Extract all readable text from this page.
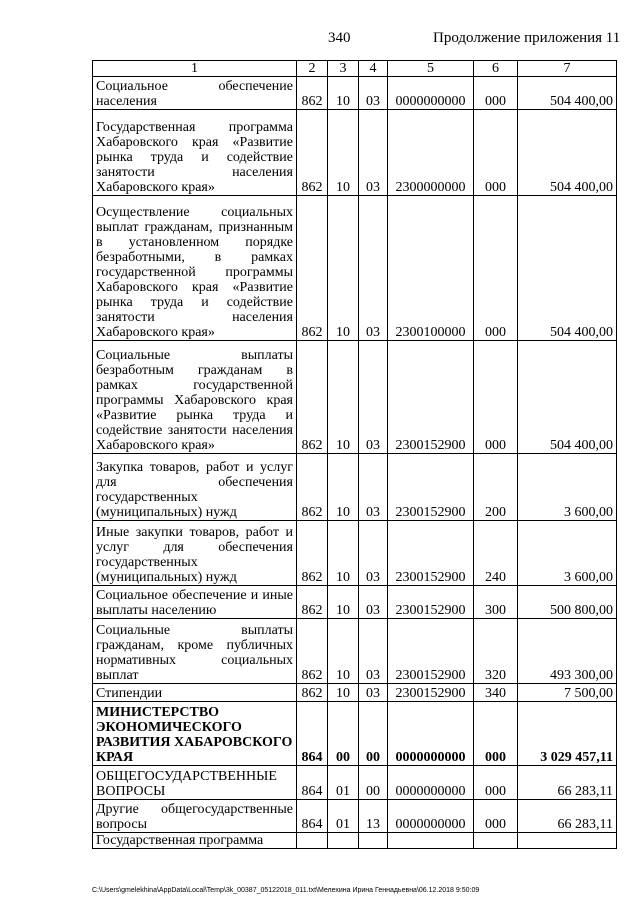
340	Продолжение приложения 11
1	2	3	4	5	6	7
Социальное обеспечение населения	862	10	03	0000000000	000	504 400,00
Государственная программа Хабаровского края «Развитие рынка труда и содействие занятости населения Хабаровского края»	862	10	03	2300000000	000	504 400,00
Осуществление социальных выплат гражданам, признанным в установленном порядке безработными, в рамках государственной программы Хабаровского края «Развитие рынка труда и содействие занятости населения Хабаровского края»	862	10	03	2300100000	000	504 400,00
Социальные выплаты безработным гражданам в рамках государственной программы Хабаровского края «Развитие рынка труда и содействие занятости населения Хабаровского края»	862	10	03	2300152900	000	504 400,00
Закупка товаров, работ и услуг для обеспечения государственных (муниципальных) нужд	862	10	03	2300152900	200	3 600,00
Иные закупки товаров, работ и услуг для обеспечения государственных (муниципальных) нужд	862	10	03	2300152900	240	3 600,00
Социальное обеспечение и иные выплаты населению	862	10	03	2300152900	300	500 800,00
Социальные выплаты гражданам, кроме публичных нормативных социальных выплат	862	10	03	2300152900	320	493 300,00
Стипендии	862	10	03	2300152900	340	7 500,00
МИНИСТЕРСТВО ЭКОНОМИЧЕСКОГО РАЗВИТИЯ ХАБАРОВСКОГО КРАЯ	864	00	00	0000000000	000	3 029 457,11
ОБЩЕГОСУДАРСТВЕННЫЕ ВОПРОСЫ	864	01	00	0000000000	000	66 283,11
Другие общегосударственные вопросы	864	01	13	0000000000	000	66 283,11
Государственная программа						
C:\Users\gmelekhina\AppData\Local\Temp\3k_00387_05122018_011.txt\Мелехина Ирина Геннадьевна\06.12.2018 9:50:09
